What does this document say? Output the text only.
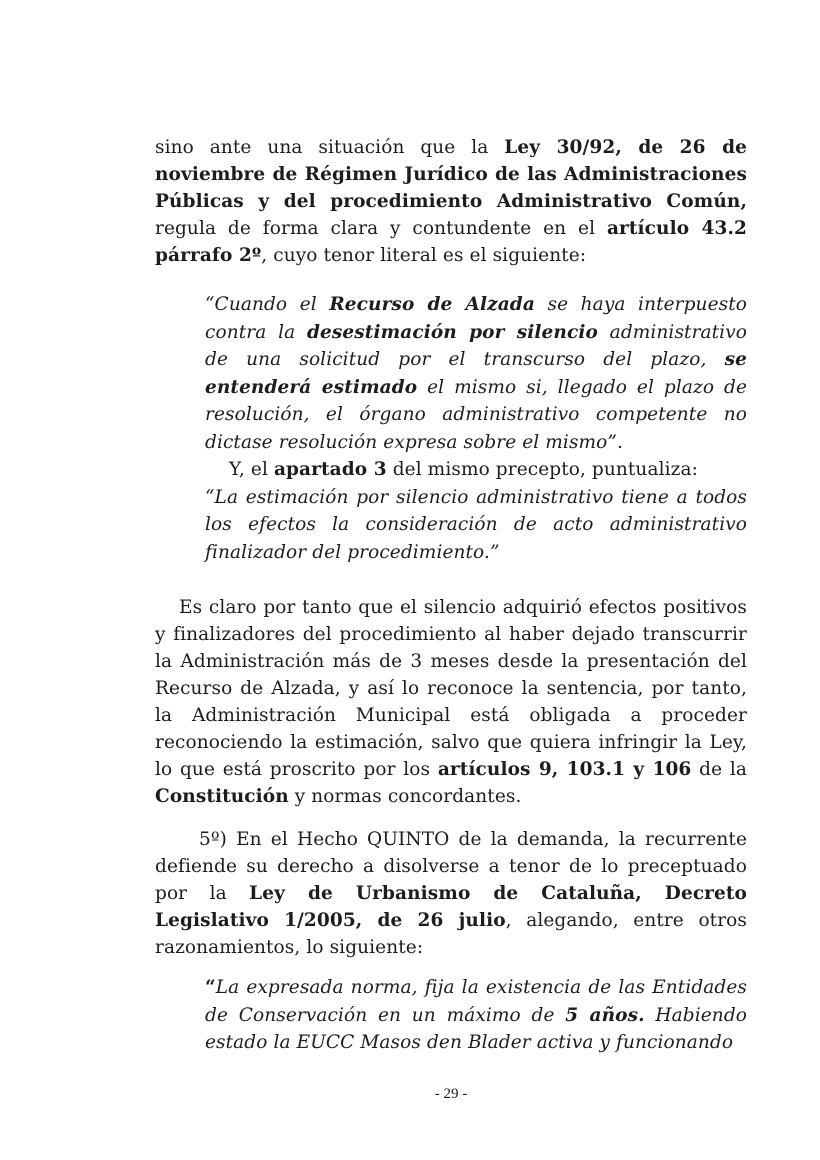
sino ante una situación que la Ley 30/92, de 26 de noviembre de Régimen Jurídico de las Administraciones Públicas y del procedimiento Administrativo Común, regula de forma clara y contundente en el artículo 43.2 párrafo 2º, cuyo tenor literal es el siguiente:

“Cuando el Recurso de Alzada se haya interpuesto contra la desestimación por silencio administrativo de una solicitud por el transcurso del plazo, se entenderá estimado el mismo si, llegado el plazo de resolución, el órgano administrativo competente no dictase resolución expresa sobre el mismo”.

Y, el apartado 3 del mismo precepto, puntualiza:

“La estimación por silencio administrativo tiene a todos los efectos la consideración de acto administrativo finalizador del procedimiento.”

Es claro por tanto que el silencio adquirió efectos positivos y finalizadores del procedimiento al haber dejado transcurrir la Administración más de 3 meses desde la presentación del Recurso de Alzada, y así lo reconoce la sentencia, por tanto, la Administración Municipal está obligada a proceder reconociendo la estimación, salvo que quiera infringir la Ley, lo que está proscrito por los artículos 9, 103.1 y 106 de la Constitución y normas concordantes.

5º) En el Hecho QUINTO de la demanda, la recurrente defiende su derecho a disolverse a tenor de lo preceptuado por la Ley de Urbanismo de Cataluña, Decreto Legislativo 1/2005, de 26 julio, alegando, entre otros razonamientos, lo siguiente:

“La expresada norma, fija la existencia de las Entidades de Conservación en un máximo de 5 años. Habiendo estado la EUCC Masos den Blader activa y funcionando

- 29 -
